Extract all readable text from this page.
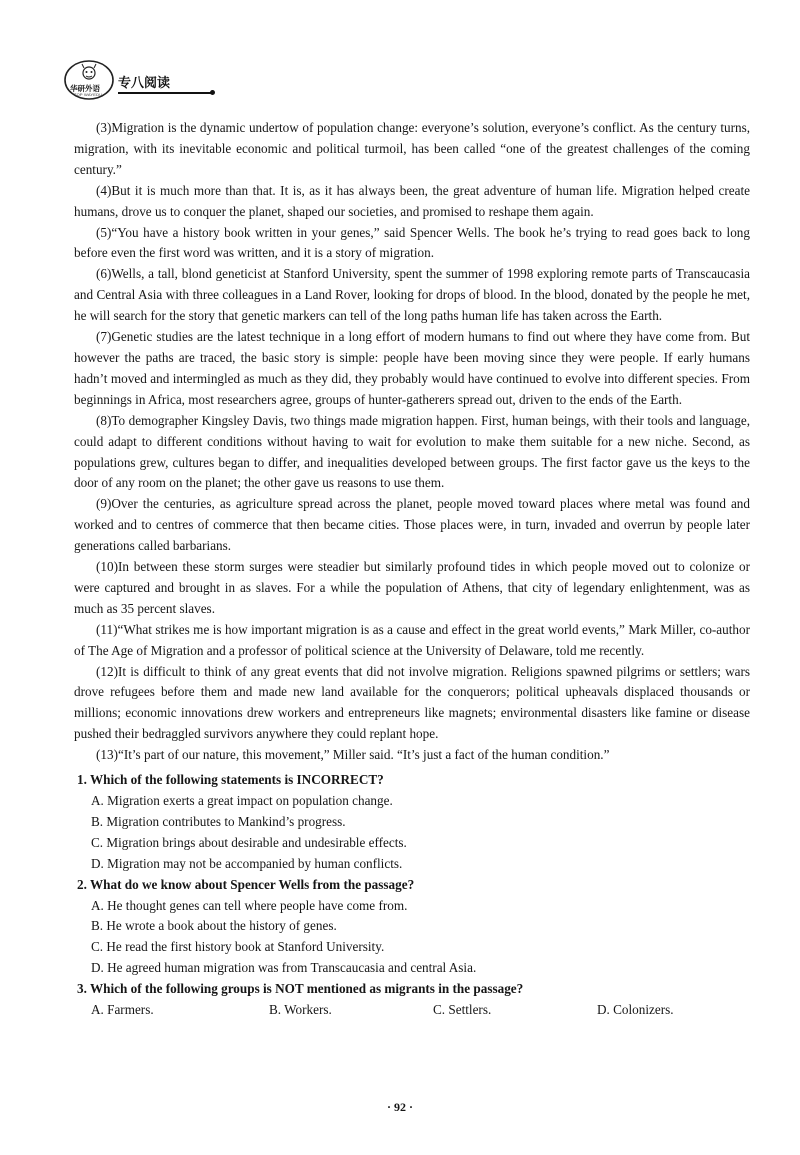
华研外语
TOP WAYEDU
专八阅读

(3)Migration is the dynamic undertow of population change: everyone’s solution, everyone’s conflict. As the century turns, migration, with its inevitable economic and political turmoil, has been called “one of the greatest challenges of the coming century.”

(4)But it is much more than that. It is, as it has always been, the great adventure of human life. Migration helped create humans, drove us to conquer the planet, shaped our societies, and promised to reshape them again.

(5)“You have a history book written in your genes,” said Spencer Wells. The book he’s trying to read goes back to long before even the first word was written, and it is a story of migration.

(6)Wells, a tall, blond geneticist at Stanford University, spent the summer of 1998 exploring remote parts of Transcaucasia and Central Asia with three colleagues in a Land Rover, looking for drops of blood. In the blood, donated by the people he met, he will search for the story that genetic markers can tell of the long paths human life has taken across the Earth.

(7)Genetic studies are the latest technique in a long effort of modern humans to find out where they have come from. But however the paths are traced, the basic story is simple: people have been moving since they were people. If early humans hadn’t moved and intermingled as much as they did, they probably would have continued to evolve into different species. From beginnings in Africa, most researchers agree, groups of hunter-gatherers spread out, driven to the ends of the Earth.

(8)To demographer Kingsley Davis, two things made migration happen. First, human beings, with their tools and language, could adapt to different conditions without having to wait for evolution to make them suitable for a new niche. Second, as populations grew, cultures began to differ, and inequalities developed between groups. The first factor gave us the keys to the door of any room on the planet; the other gave us reasons to use them.

(9)Over the centuries, as agriculture spread across the planet, people moved toward places where metal was found and worked and to centres of commerce that then became cities. Those places were, in turn, invaded and overrun by people later generations called barbarians.

(10)In between these storm surges were steadier but similarly profound tides in which people moved out to colonize or were captured and brought in as slaves. For a while the population of Athens, that city of legendary enlightenment, was as much as 35 percent slaves.

(11)“What strikes me is how important migration is as a cause and effect in the great world events,” Mark Miller, co-author of The Age of Migration and a professor of political science at the University of Delaware, told me recently.

(12)It is difficult to think of any great events that did not involve migration. Religions spawned pilgrims or settlers; wars drove refugees before them and made new land available for the conquerors; political upheavals displaced thousands or millions; economic innovations drew workers and entrepreneurs like magnets; environmental disasters like famine or disease pushed their bedraggled survivors anywhere they could replant hope.

(13)“It’s part of our nature, this movement,” Miller said. “It’s just a fact of the human condition.”

1. Which of the following statements is INCORRECT?

A. Migration exerts a great impact on population change.

B. Migration contributes to Mankind’s progress.

C. Migration brings about desirable and undesirable effects.

D. Migration may not be accompanied by human conflicts.

2. What do we know about Spencer Wells from the passage?

A. He thought genes can tell where people have come from.

B. He wrote a book about the history of genes.

C. He read the first history book at Stanford University.

D. He agreed human migration was from Transcaucasia and central Asia.

3. Which of the following groups is NOT mentioned as migrants in the passage?

A. Farmers.	B. Workers.	C. Settlers.	D. Colonizers.
· 92 ·
